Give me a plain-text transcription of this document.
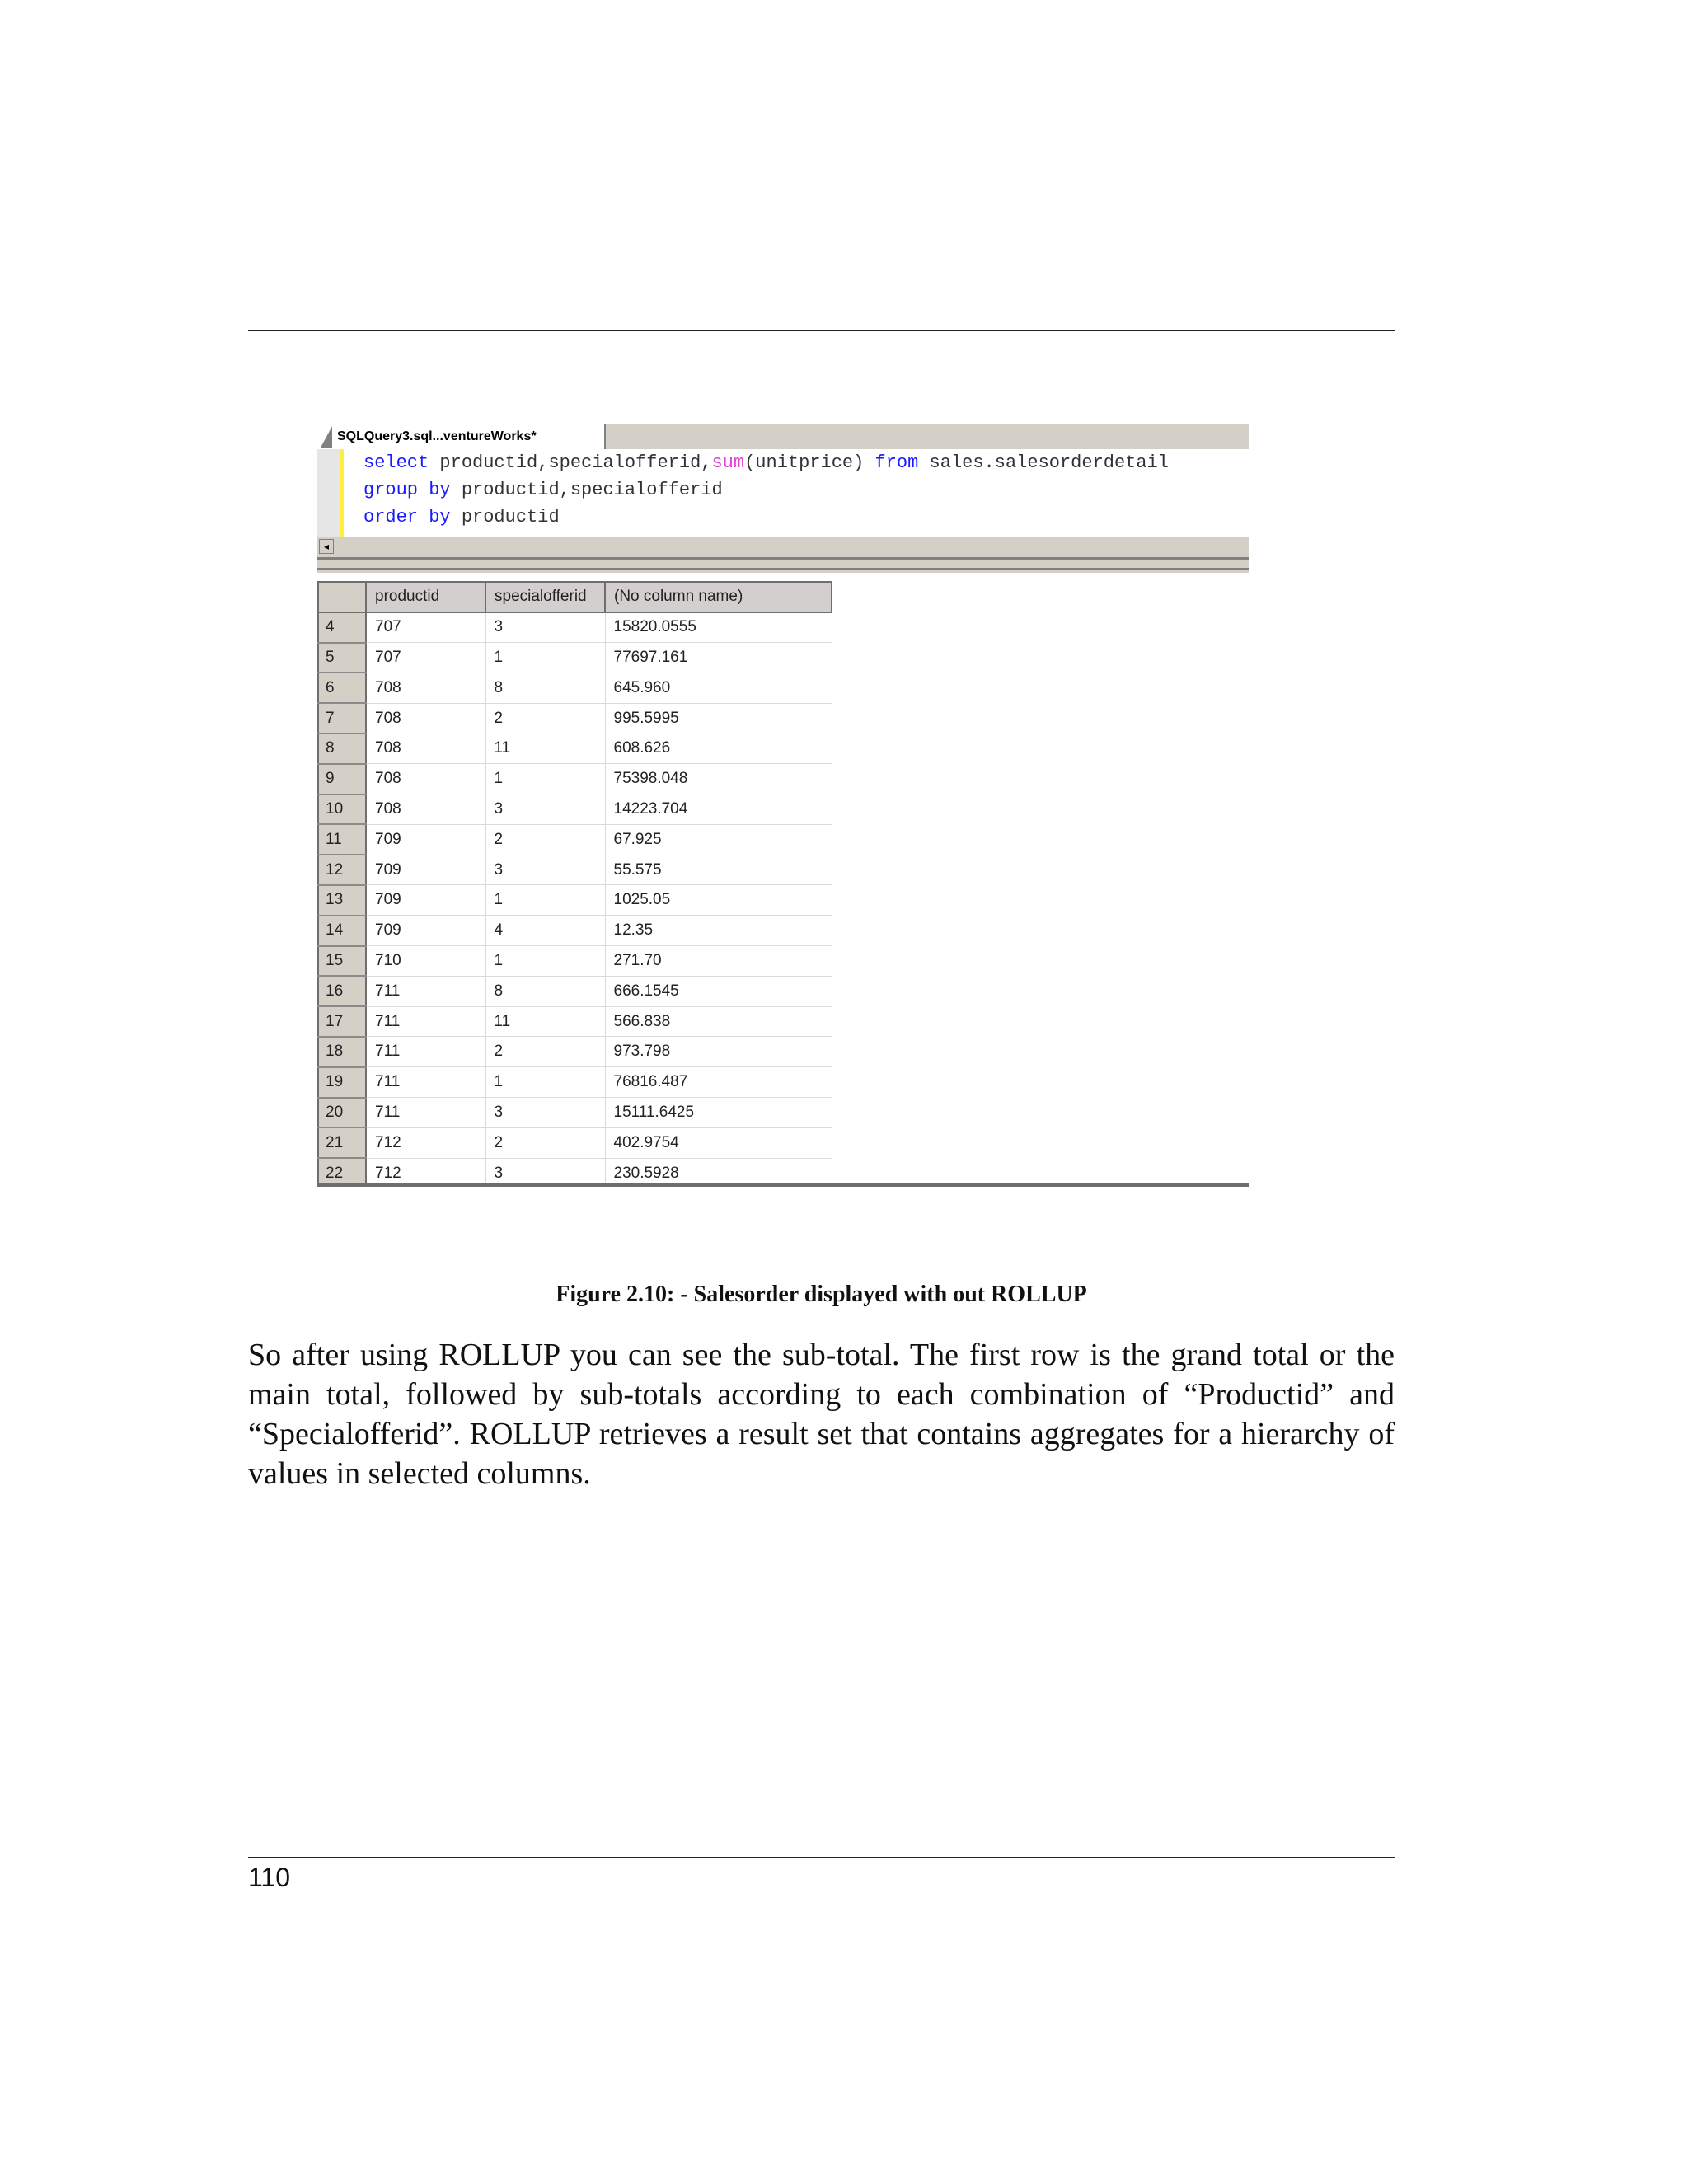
SQLQuery3.sql...ventureWorks*
select productid,specialofferid,sum(unitprice) from sales.salesorderdetail
group by productid,specialofferid
order by productid
◂
	productid	specialofferid	(No column name)
4	707	3	15820.0555
5	707	1	77697.161
6	708	8	645.960
7	708	2	995.5995
8	708	11	608.626
9	708	1	75398.048
10	708	3	14223.704
11	709	2	67.925
12	709	3	55.575
13	709	1	1025.05
14	709	4	12.35
15	710	1	271.70
16	711	8	666.1545
17	711	11	566.838
18	711	2	973.798
19	711	1	76816.487
20	711	3	15111.6425
21	712	2	402.9754
22	712	3	230.5928
Figure 2.10: - Salesorder displayed with out ROLLUP

So after using ROLLUP you can see the sub-total. The first row is the grand total or the main total, followed by sub-totals according to each combination of “Productid” and “Specialofferid”. ROLLUP retrieves a result set that contains aggregates for a hierarchy of values in selected columns.

110
